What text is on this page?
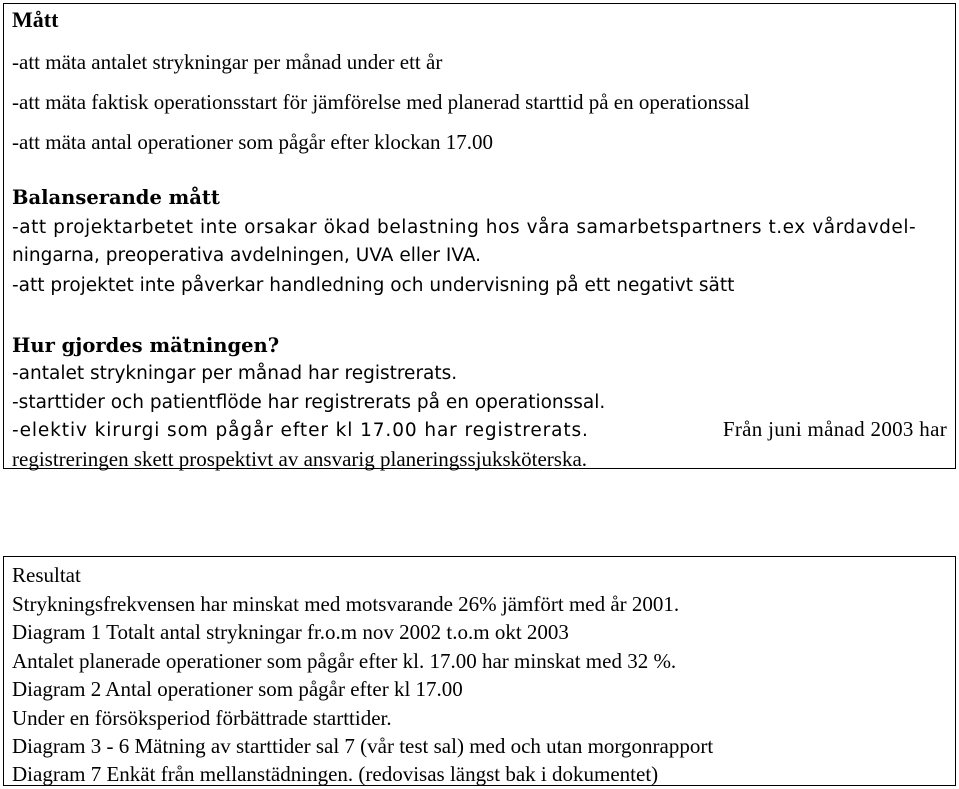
Mått
-att mäta antalet strykningar per månad under ett år
-att mäta faktisk operationsstart för jämförelse med planerad starttid på en operationssal
-att mäta antal operationer som pågår efter klockan 17.00
Balanserande mått
-att projektarbetet inte orsakar ökad belastning hos våra samarbetspartners t.ex vårdavdel-
ningarna, preoperativa avdelningen, UVA eller IVA.
-att projektet inte påverkar handledning och undervisning på ett negativt sätt
Hur gjordes mätningen?
-antalet strykningar per månad har registrerats.
-starttider och patientflöde har registrerats på en operationssal.
-elektiv kirurgi som pågår efter kl 17.00 har registrerats.	Från juni månad 2003 har
registreringen skett prospektivt av ansvarig planeringssjuksköterska.
Resultat
Strykningsfrekvensen har minskat med motsvarande 26% jämfört med år 2001.
Diagram 1 Totalt antal strykningar fr.o.m nov 2002 t.o.m okt 2003
Antalet planerade operationer som pågår efter kl. 17.00 har minskat med 32 %.
Diagram 2 Antal operationer som pågår efter kl 17.00
Under en försöksperiod förbättrade starttider.
Diagram 3 - 6 Mätning av starttider sal 7 (vår test sal) med och utan morgonrapport
Diagram 7 Enkät från mellanstädningen. (redovisas längst bak i dokumentet)
